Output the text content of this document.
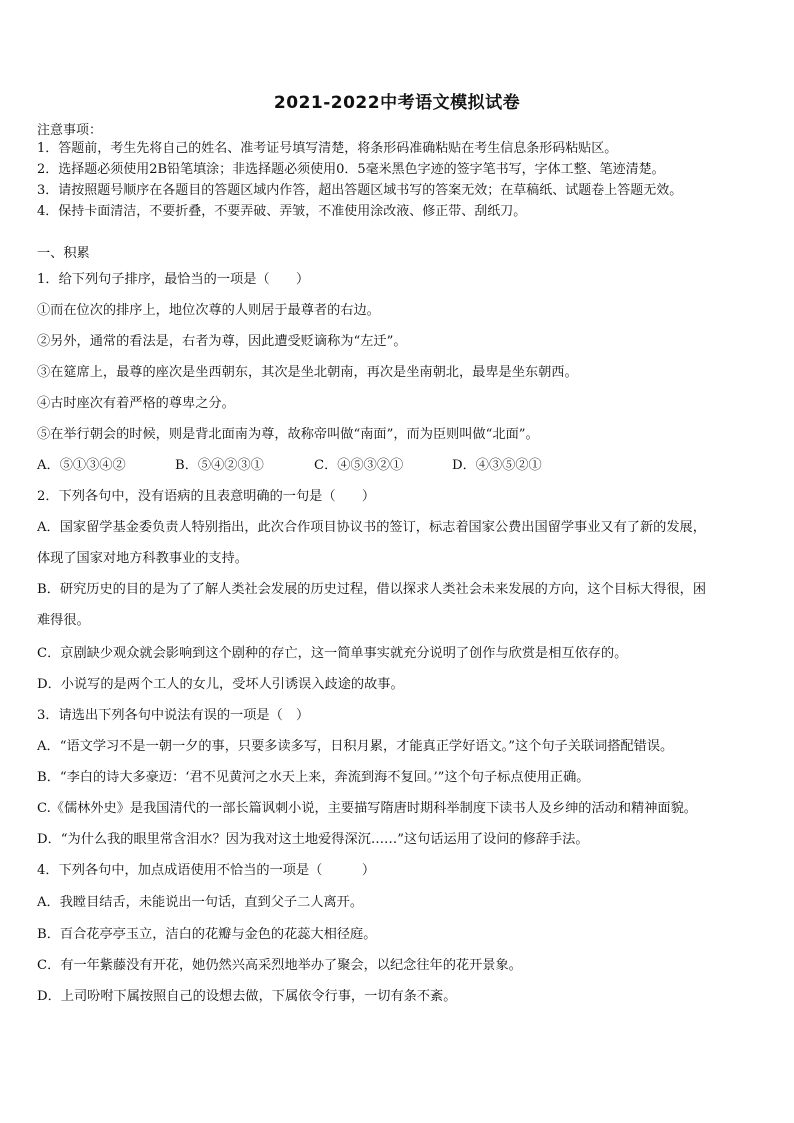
2021-2022中考语文模拟试卷
注意事项：
1．答题前，考生先将自己的姓名、准考证号填写清楚，将条形码准确粘贴在考生信息条形码粘贴区。
2．选择题必须使用2B铅笔填涂；非选择题必须使用0．5毫米黑色字迹的签字笔书写，字体工整、笔迹清楚。
3．请按照题号顺序在各题目的答题区域内作答，超出答题区域书写的答案无效；在草稿纸、试题卷上答题无效。
4．保持卡面清洁，不要折叠，不要弄破、弄皱，不准使用涂改液、修正带、刮纸刀。
一、积累
1．给下列句子排序，最恰当的一项是（　　）
①而在位次的排序上，地位次尊的人则居于最尊者的右边。
②另外，通常的看法是，右者为尊，因此遭受贬谪称为“左迁”。
③在筵席上，最尊的座次是坐西朝东，其次是坐北朝南，再次是坐南朝北，最卑是坐东朝西。
④古时座次有着严格的尊卑之分。
⑤在举行朝会的时候，则是背北面南为尊，故称帝叫做“南面”，而为臣则叫做“北面”。
A．⑤①③④②	B．⑤④②③①	C．④⑤③②①	D．④③⑤②①
2．下列各句中，没有语病的且表意明确的一句是（　　）
A．国家留学基金委负责人特别指出，此次合作项目协议书的签订，标志着国家公费出国留学事业又有了新的发展，
体现了国家对地方科教事业的支持。
B．研究历史的目的是为了了解人类社会发展的历史过程，借以探求人类社会未来发展的方向，这个目标大得很，困
难得很。
C．京剧缺少观众就会影响到这个剧种的存亡，这一简单事实就充分说明了创作与欣赏是相互依存的。
D．小说写的是两个工人的女儿，受坏人引诱误入歧途的故事。
3．请选出下列各句中说法有误的一项是（　）
A．“语文学习不是一朝一夕的事，只要多读多写，日积月累，才能真正学好语文。”这个句子关联词搭配错误。
B．“李白的诗大多豪迈：‘君不见黄河之水天上来，奔流到海不复回。’”这个句子标点使用正确。
C.《儒林外史》是我国清代的一部长篇讽刺小说，主要描写隋唐时期科举制度下读书人及乡绅的活动和精神面貌。
D．“为什么我的眼里常含泪水？因为我对这土地爱得深沉……”这句话运用了设问的修辞手法。
4．下列各句中，加点成语使用不恰当的一项是（　　　）
A．我瞠目结舌，未能说出一句话，直到父子二人离开。
B．百合花亭亭玉立，洁白的花瓣与金色的花蕊大相径庭。
C．有一年紫藤没有开花，她仍然兴高采烈地举办了聚会，以纪念往年的花开景象。
D．上司吩咐下属按照自己的设想去做，下属依令行事，一切有条不紊。
